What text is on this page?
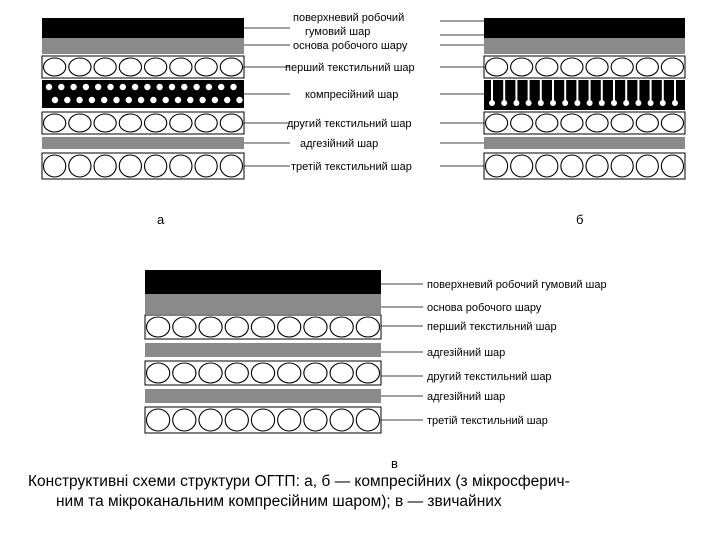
поверхневий робочий
гумовий шар
основа робочого шару
перший текстильний шар
компресійний шар
другий текстильний шар
адгезійний шар
третій текстильний шар
поверхневий робочий гумовий шар
основа робочого шару
перший текстильний шар
адгезійний шар
другий текстильний шар
адгезійний шар
третій текстильний шар
а	б
в
Конструктивні схеми структури ОГТП: а, б — компресійних (з мікросферич-
ним та мікроканальним компресійним шаром); в — звичайних
